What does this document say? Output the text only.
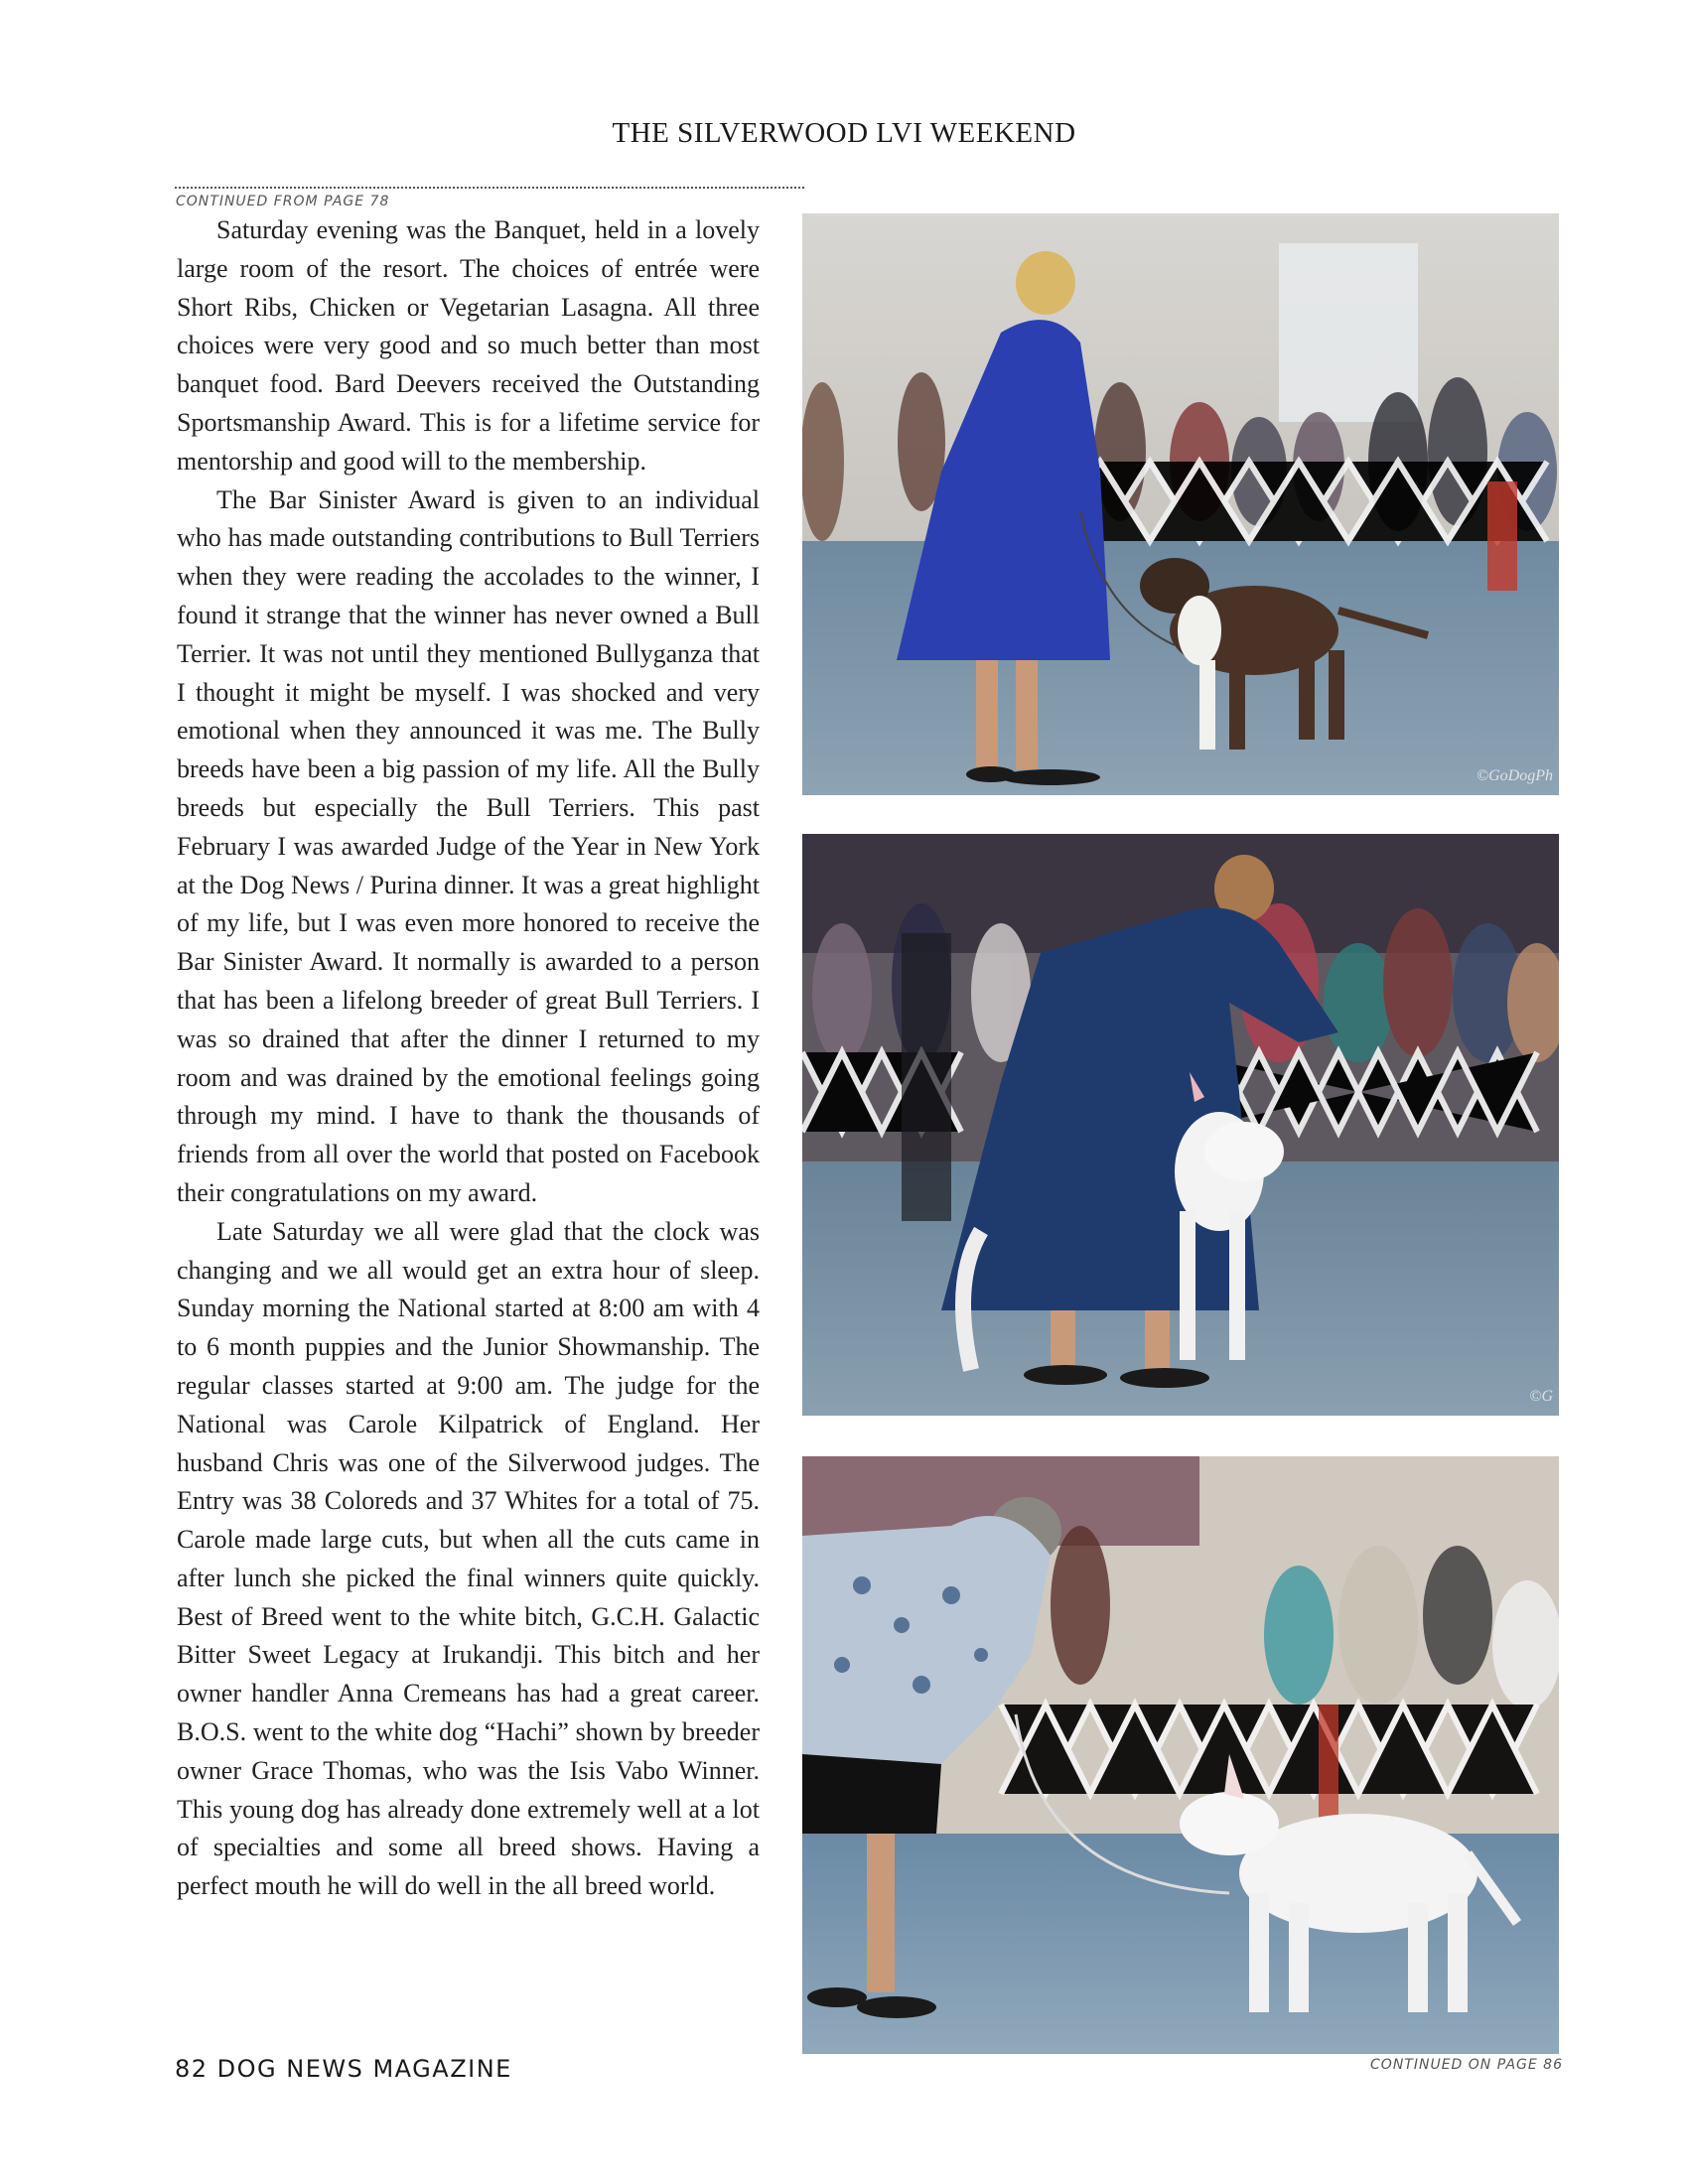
THE SILVERWOOD LVI WEEKEND
CONTINUED FROM PAGE 78

Saturday evening was the Banquet, held in a lovely large room of the resort. The choices of entrée were Short Ribs, Chicken or Vegetarian Lasagna. All three choices were very good and so much better than most banquet food. Bard Deevers received the Outstanding Sportsmanship Award. This is for a lifetime service for mentorship and good will to the membership.

The Bar Sinister Award is given to an individual who has made outstanding contributions to Bull Terriers when they were reading the accolades to the winner, I found it strange that the winner has never owned a Bull Terrier. It was not until they mentioned Bullyganza that I thought it might be myself. I was shocked and very emotional when they announced it was me. The Bully breeds have been a big passion of my life. All the Bully breeds but especially the Bull Terriers. This past February I was awarded Judge of the Year in New York at the Dog News / Purina dinner. It was a great highlight of my life, but I was even more honored to receive the Bar Sinister Award. It normally is awarded to a person that has been a lifelong breeder of great Bull Terriers. I was so drained that after the dinner I returned to my room and was drained by the emotional feelings going through my mind. I have to thank the thousands of friends from all over the world that posted on Facebook their congratulations on my award.

Late Saturday we all were glad that the clock was changing and we all would get an extra hour of sleep. Sunday morning the National started at 8:00 am with 4 to 6 month puppies and the Junior Showmanship. The regular classes started at 9:00 am. The judge for the National was Carole Kilpatrick of England. Her husband Chris was one of the Silverwood judges. The Entry was 38 Coloreds and 37 Whites for a total of 75. Carole made large cuts, but when all the cuts came in after lunch she picked the final winners quite quickly. Best of Breed went to the white bitch, G.C.H. Galactic Bitter Sweet Legacy at Irukandji. This bitch and her owner handler Anna Cremeans has had a great career. B.O.S. went to the white dog “Hachi” shown by breeder owner Grace Thomas, who was the Isis Vabo Winner. This young dog has already done extremely well at a lot of specialties and some all breed shows. Having a perfect mouth he will do well in the all breed world.

©GoDogPh
©G
82 DOG NEWS MAGAZINE	CONTINUED ON PAGE 86
